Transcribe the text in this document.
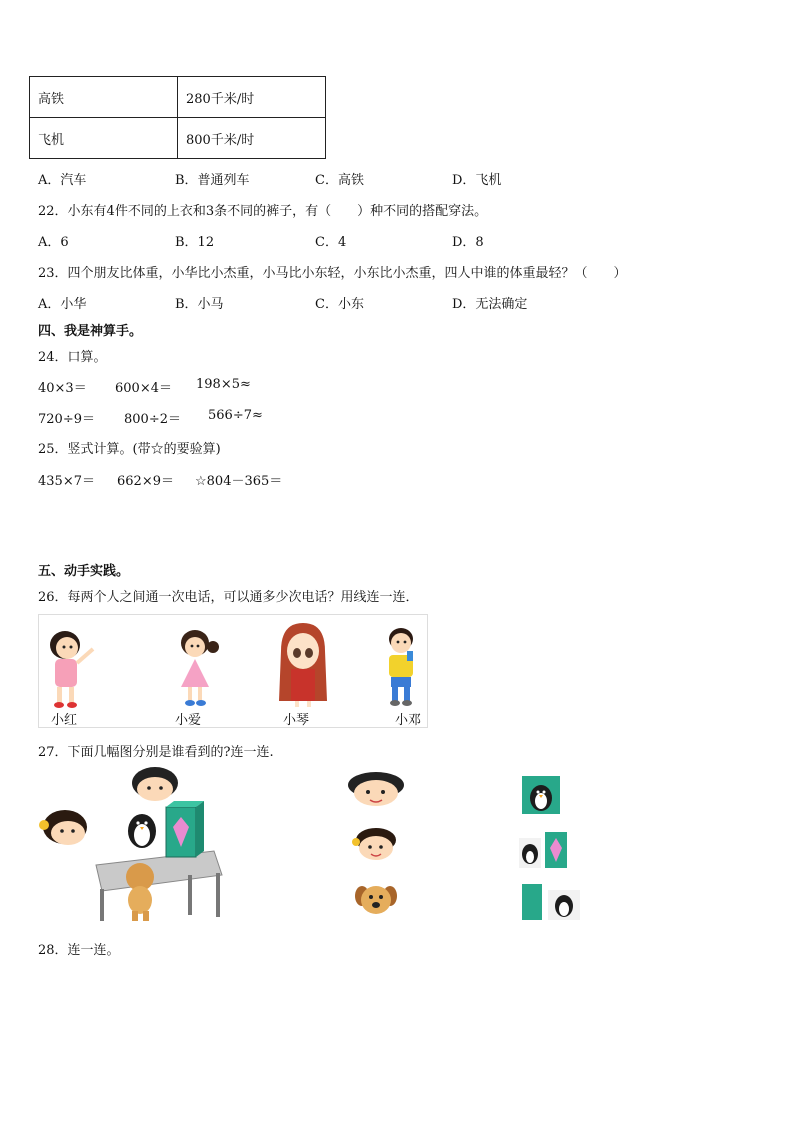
高铁	280千米/时
飞机	800千米/时
A．汽车	B．普通列车	C．高铁	D．飞机
22．小东有4件不同的上衣和3条不同的裤子，有（　　）种不同的搭配穿法。
A．6	B．12	C．4	D．8
23．四个朋友比体重，小华比小杰重，小马比小东轻，小东比小杰重，四人中谁的体重最轻？（　　）
A．小华	B．小马	C．小东	D．无法确定
四、我是神算手。
24．口算。
40×3＝ 600×4＝ 198×5≈
720÷9＝ 800÷2＝ 566÷7≈
25．竖式计算。(带☆的要验算)
435×7＝ 662×9＝ ☆804－365＝
五、动手实践。
26．每两个人之间通一次电话，可以通多少次电话？用线连一连．
小红	小爱	小琴	小邓
27．下面几幅图分别是谁看到的?连一连.
28．连一连。
